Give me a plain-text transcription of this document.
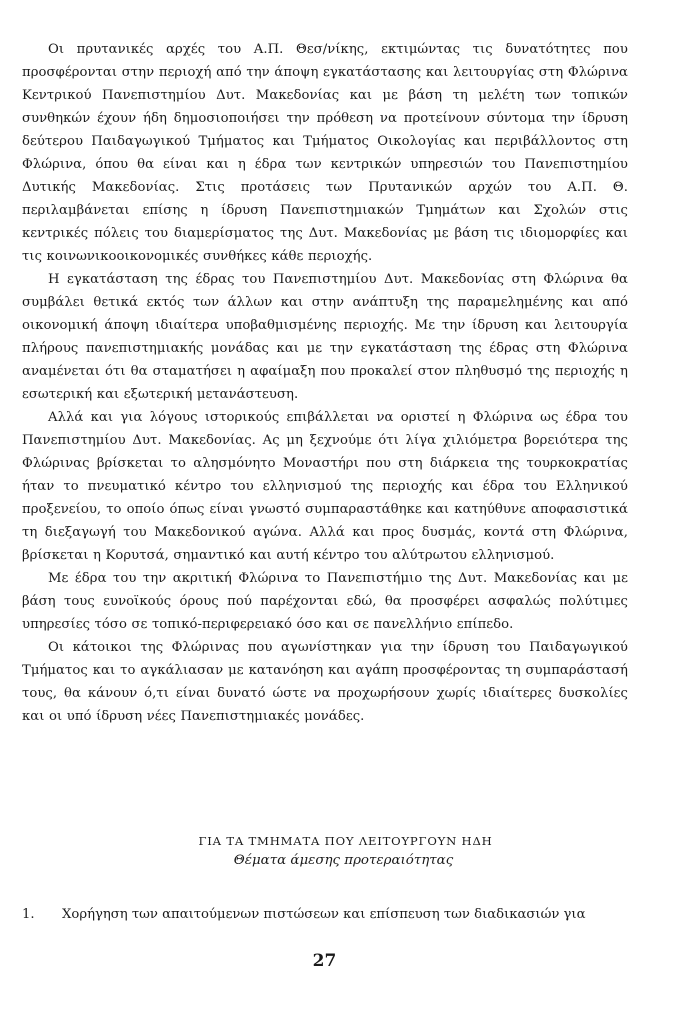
Οι πρυτανικές αρχές του Α.Π. Θεσ/νίκης, εκτιμώντας τις δυνατότητες που προσφέρονται στην περιοχή από την άποψη εγκατάστασης και λειτουργίας στη Φλώρινα Κεντρικού Πανεπιστημίου Δυτ. Μακεδονίας και με βάση τη μελέτη των τοπικών συνθηκών έχουν ήδη δημοσιοποιήσει την πρόθεση να προτείνουν σύντομα την ίδρυση δεύτερου Παιδαγωγικού Τμήματος και Τμήματος Οικολογίας και περιβάλλοντος στη Φλώρινα, όπου θα είναι και η έδρα των κεντρικών υπηρεσιών του Πανεπιστημίου Δυτικής Μακεδονίας. Στις προτάσεις των Πρυτανικών αρχών του Α.Π. Θ. περιλαμβάνεται επίσης η ίδρυση Πανεπιστημιακών Τμημάτων και Σχολών στις κεντρικές πόλεις του διαμερίσματος της Δυτ. Μακεδονίας με βάση τις ιδιομορφίες και τις κοινωνικοοικονομικές συνθήκες κάθε περιοχής.

Η εγκατάσταση της έδρας του Πανεπιστημίου Δυτ. Μακεδονίας στη Φλώρινα θα συμβάλει θετικά εκτός των άλλων και στην ανάπτυξη της παραμελημένης και από οικονομική άποψη ιδιαίτερα υποβαθμισμένης περιοχής. Με την ίδρυση και λειτουργία πλήρους πανεπιστημιακής μονάδας και με την εγκατάσταση της έδρας στη Φλώρινα αναμένεται ότι θα σταματήσει η αφαίμαξη που προκαλεί στον πληθυσμό της περιοχής η εσωτερική και εξωτερική μετανάστευση.

Αλλά και για λόγους ιστορικούς επιβάλλεται να οριστεί η Φλώρινα ως έδρα του Πανεπιστημίου Δυτ. Μακεδονίας. Ας μη ξεχνούμε ότι λίγα χιλιόμετρα βορειότερα της Φλώρινας βρίσκεται το αλησμόνητο Μοναστήρι που στη διάρκεια της τουρκοκρατίας ήταν το πνευματικό κέντρο του ελληνισμού της περιοχής και έδρα του Ελληνικού προξενείου, το οποίο όπως είναι γνωστό συμπαραστάθηκε και κατηύθυνε αποφασιστικά τη διεξαγωγή του Μακεδονικού αγώνα. Αλλά και προς δυσμάς, κοντά στη Φλώρινα, βρίσκεται η Κορυτσά, σημαντικό και αυτή κέντρο του αλύτρωτου ελληνισμού.

Με έδρα του την ακριτική Φλώρινα το Πανεπιστήμιο της Δυτ. Μακεδονίας και με βάση τους ευνοϊκούς όρους πού παρέχονται εδώ, θα προσφέρει ασφαλώς πολύτιμες υπηρεσίες τόσο σε τοπικό-περιφερειακό όσο και σε πανελλήνιο επίπεδο.

Οι κάτοικοι της Φλώρινας που αγωνίστηκαν για την ίδρυση του Παιδαγωγικού Τμήματος και το αγκάλιασαν με κατανόηση και αγάπη προσφέροντας τη συμπαράστασή τους, θα κάνουν ό,τι είναι δυνατό ώστε να προχωρήσουν χωρίς ιδιαίτερες δυσκολίες και οι υπό ίδρυση νέες Πανεπιστημιακές μονάδες.

ΓΙΑ ΤΑ ΤΜΗΜΑΤΑ ΠΟΥ ΛΕΙΤΟΥΡΓΟΥΝ ΗΔΗ
Θέματα άμεσης προτεραιότητας
1. Χορήγηση των απαιτούμενων πιστώσεων και επίσπευση των διαδικασιών για
27
